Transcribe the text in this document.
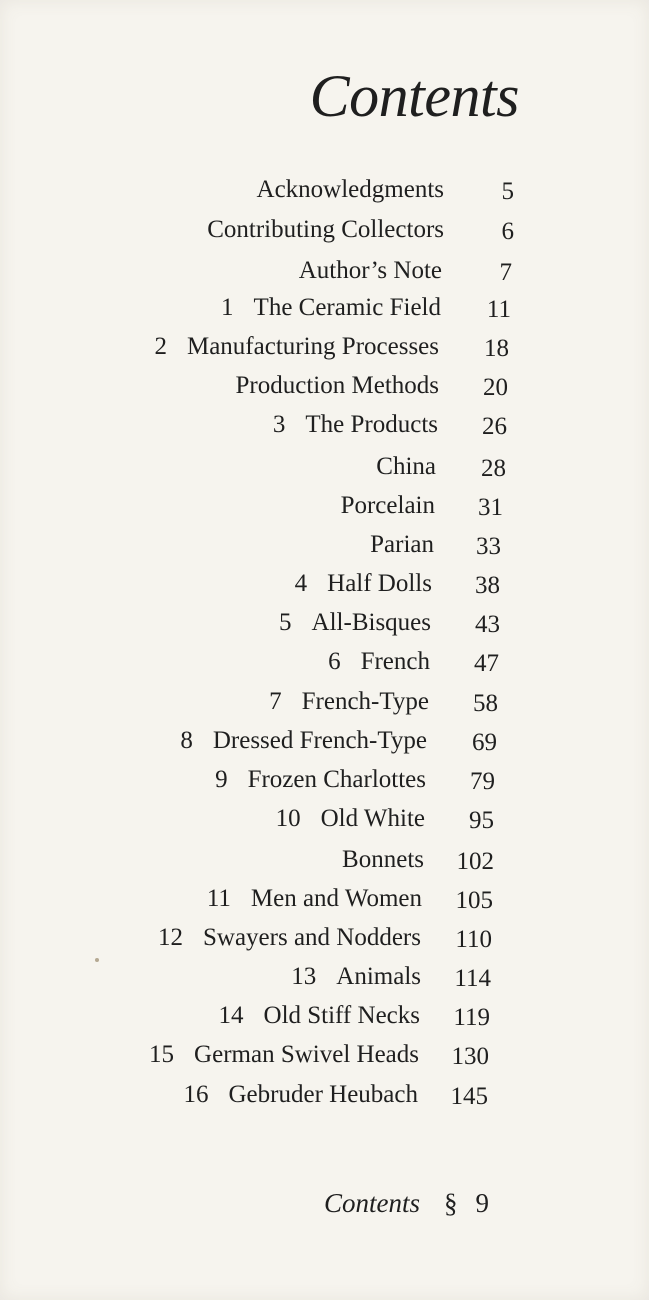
Contents
Acknowledgments 5
Contributing Collectors 6
Author’s Note 7
1 The Ceramic Field 11
2 Manufacturing Processes 18
Production Methods 20
3 The Products 26
China 28
Porcelain 31
Parian 33
4 Half Dolls 38
5 All-Bisques 43
6 French 47
7 French-Type 58
8 Dressed French-Type 69
9 Frozen Charlottes 79
10 Old White 95
Bonnets 102
11 Men and Women 105
12 Swayers and Nodders 110
13 Animals 114
14 Old Stiff Necks 119
15 German Swivel Heads 130
16 Gebruder Heubach 145
Contents § 9
